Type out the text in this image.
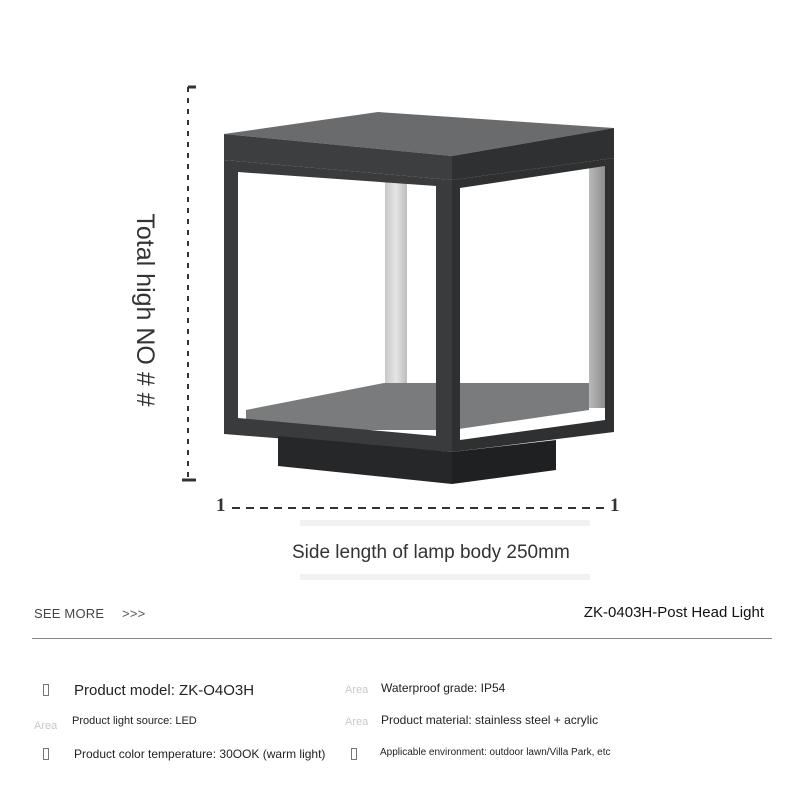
Total high NO # #
1	1
Side length of lamp body 250mm
SEE MORE >>>	ZK-0403H-Post Head Light
Product model: ZK-O4O3H	Area Waterproof grade: IP54
Area Product light source: LED	Area Product material: stainless steel + acrylic
Product color temperature: 30OOK (warm light)	Applicable environment: outdoor lawn/Villa Park, etc
